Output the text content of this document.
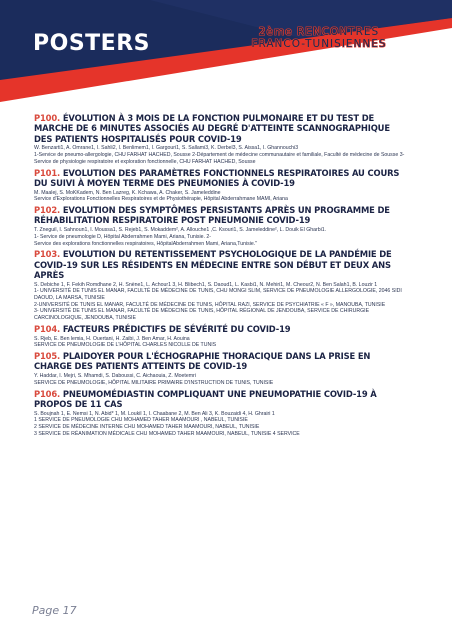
POSTERS	2ème RENCONTRES
FRANCO-TUNISIENNES
DE PNEUMOLOGIE
P100. ÉVOLUTION À 3 MOIS DE LA FONCTION PULMONAIRE ET DU TEST DE MARCHE DE 6 MINUTES ASSOCIÉS AU DEGRÉ D'ATTEINTE SCANNOGRAPHIQUE DES PATIENTS HOSPITALISÉS POUR COVID-19
W. Benzarti1, A. Omrane1, I. Sahli2, I. Benlimem1, I. Gargouri1, S. Sallami3, K. Derbel3, S. Aissa1, I. Ghannouchi3
1-Service de pneumo-allergologie, CHU FARHAT HACHED, Sousse 2-Département de médecine communautaire et familiale, Faculté de médecine de Sousse 3-Service de physiologie respiratoire et exploration fonctionnelle, CHU FARHAT HACHED, Sousse
P101. EVOLUTION DES PARAMÈTRES FONCTIONNELS RESPIRATOIRES AU COURS DU SUIVI À MOYEN TERME DES PNEUMONIES À COVID-19
M. Maalej, S. MoKKadem, N. Ben Lazreg, K. Kchawa, A. Chaker, S. Jameleddine
Service d'Explorations Fonctionnelles Respiratoires et de Physiothérapie, Hôpital Abderrahmane MAMI, Ariana
P102. EVOLUTION DES SYMPTÔMES PERSISTANTS APRÈS UN PROGRAMME DE RÉHABILITATION RESPIRATOIRE POST PNEUMONIE COVID-19
T. Zneguil, I. Sahnoun1, I. Moussa1, S. Rejeb1, S. Mokaddem², A. Allouche1 ,C. Ksouri1, S. Jameleddine², L. Douik El Gharbi1.
1- Service de pneumologie D, Hôpital Abderrahmen Mami, Ariana, Tunisie. 2-
Service des explorations fonctionnelles respiratoires, HôpitalAbderrahmen Mami, Ariana,Tunisie."
P103. EVOLUTION DU RETENTISSEMENT PSYCHOLOGIQUE DE LA PANDÉMIE DE COVID-19 SUR LES RÉSIDENTS EN MÉDECINE ENTRE SON DÉBUT ET DEUX ANS APRÈS
S. Debiche 1, F. Fekih Romdhane 2, H. Snène1, L. Achour1 3, H. Blibech1, S. Daoud1, L. Kasbi1, N. Mehiri1, M. Cheour2, N. Ben Salah1, B. Louzir 1
1- UNIVERSITÉ DE TUNIS EL MANAR, FACULTÉ DE MÉDECINE DE TUNIS, CHU MONGI SLIM, SERVICE DE PNEUMOLOGIE ALLERGOLOGIE, 2046 SIDI DAOUD, LA MARSA, TUNISIE
2-UNIVERSITÉ DE TUNIS EL MANAR, FACULTÉ DE MÉDECINE DE TUNIS, HÔPITAL RAZI, SERVICE DE PSYCHIATRIE « F », MANOUBA, TUNISIE
3- UNIVERSITÉ DE TUNIS EL MANAR, FACULTÉ DE MÉDECINE DE TUNIS, HÔPITAL RÉGIONAL DE JENDOUBA, SERVICE DE CHIRURGIE CARCINOLOGIQUE, JENDOUBA, TUNISIE
P104. FACTEURS PRÉDICTIFS DE SÉVÉRITÉ DU COVID-19
S. Rjeb, E. Ben lemia, H. Ouertani, H. Zaibi, J. Ben Amar, H. Aouina
SERVICE DE PNEUMOLOGIE DE L'HÔPITAL CHARLES NICOLLE DE TUNIS
P105. PLAIDOYER POUR L'ÉCHOGRAPHIE THORACIQUE DANS LA PRISE EN CHARGE DES PATIENTS ATTEINTS DE COVID-19
Y. Haddar, I. Mejri, S. Mhamdi, S. Daboussi, C. Aichaouia, Z. Moetemri
SERVICE DE PNEUMOLOGIE, HÔPITAL MILITAIRE PRIMAIRE D'INSTRUCTION DE TUNIS, TUNISIE
P106. PNEUMOMÉDIASTIN COMPLIQUANT UNE PNEUMOPATHIE COVID-19 À PROPOS DE 11 CAS
S. Boujnah 1, E. Nemsi 1, N. Abid* 1, M. Loukil 1, I. Chaabane 2, M. Ben Ali 3, K. Bouzaidi 4, H. Ghrairi 1
1 SERVICE DE PNEUMOLOGIE CHU MOHAMED TAHER MAAMOURI , NABEUL, TUNISIE
2 SERVICE DE MÉDECINE INTERNE CHU MOHAMED TAHER MAAMOURI, NABEUL, TUNISIE
3 SERVICE DE RÉANIMATION MÉDICALE CHU MOHAMED TAHER MAAMOURI, NABEUL, TUNISIE 4 SERVICE
Page 17
